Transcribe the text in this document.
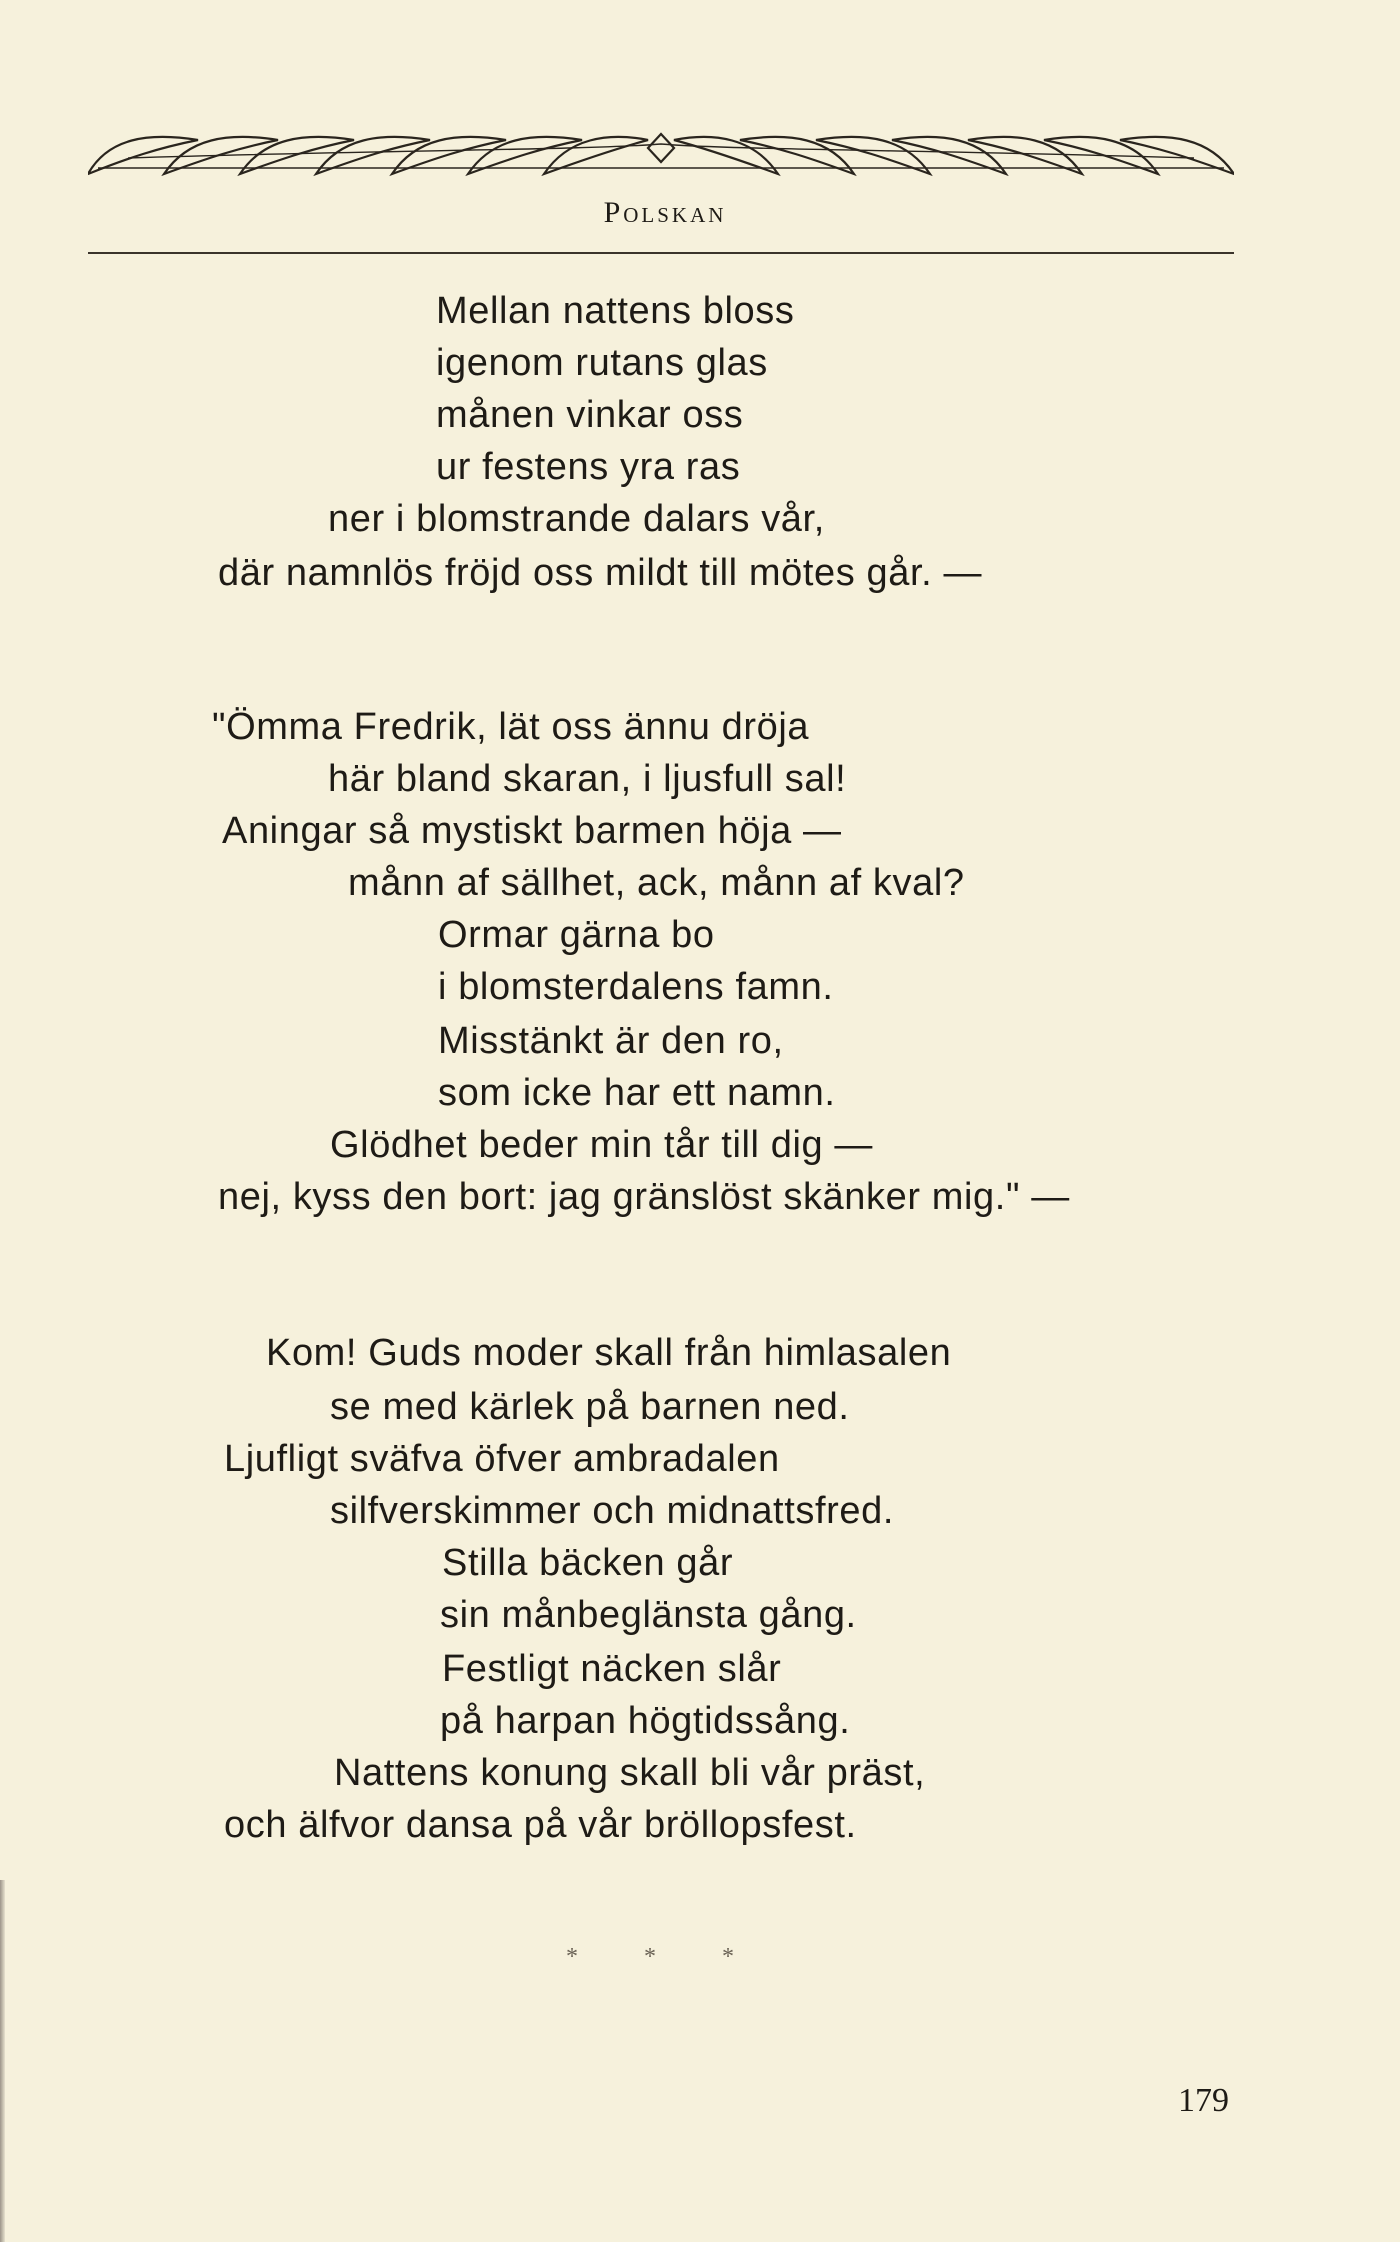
Polskan

Mellan nattens bloss

igenom rutans glas

månen vinkar oss

ur festens yra ras

ner i blomstrande dalars vår,

där namnlös fröjd oss mildt till mötes går. —

"Ömma Fredrik, lät oss ännu dröja

här bland skaran, i ljusfull sal!

Aningar så mystiskt barmen höja —

månn af sällhet, ack, månn af kval?

Ormar gärna bo

i blomsterdalens famn.

Misstänkt är den ro,

som icke har ett namn.

Glödhet beder min tår till dig —

nej, kyss den bort: jag gränslöst skänker mig." —

Kom! Guds moder skall från himlasalen

se med kärlek på barnen ned.

Ljufligt sväfva öfver ambradalen

silfverskimmer och midnattsfred.

Stilla bäcken går

sin månbeglänsta gång.

Festligt näcken slår

på harpan högtidssång.

Nattens konung skall bli vår präst,

och älfvor dansa på vår bröllopsfest.

* * *

179
